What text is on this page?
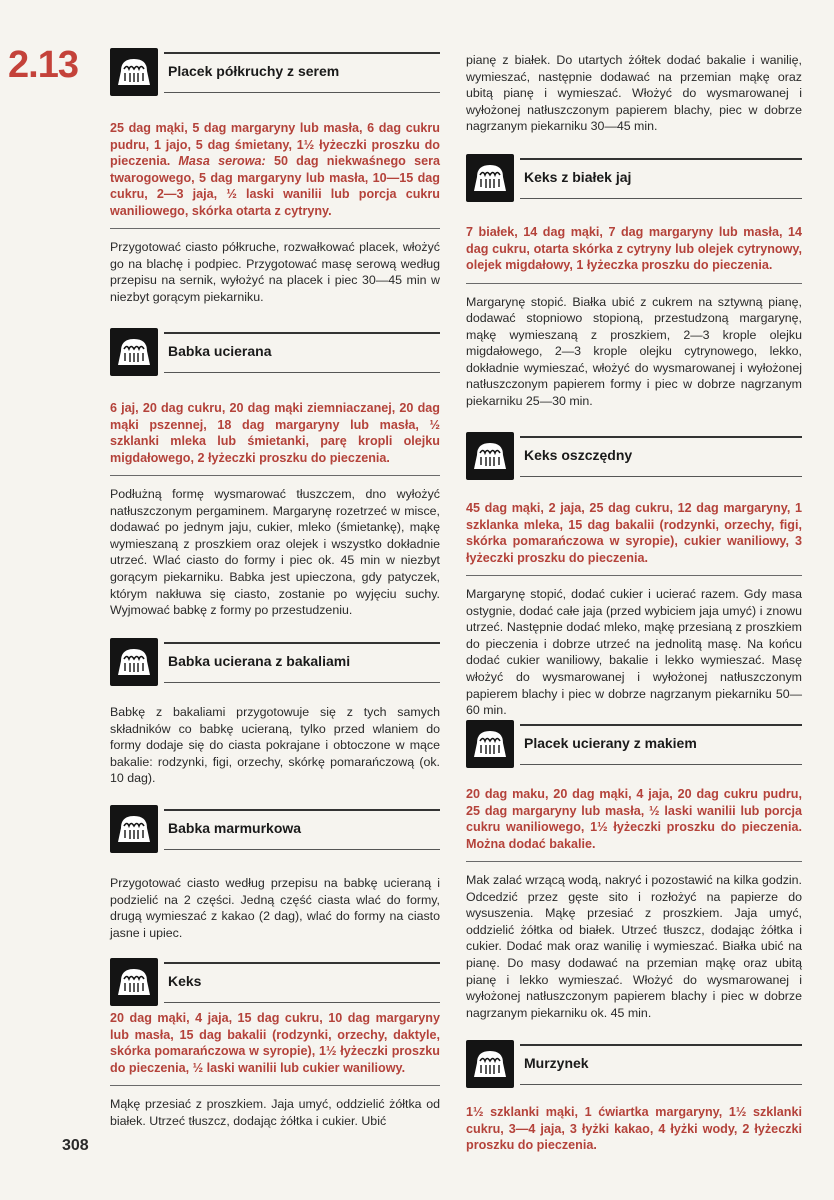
2.13
308
Placek półkruchy z serem

25 dag mąki, 5 dag margaryny lub masła, 6 dag cukru pudru, 1 jajo, 5 dag śmietany, 1½ łyżeczki proszku do pieczenia. Masa serowa: 50 dag niekwaśnego sera twarogowego, 5 dag margaryny lub masła, 10—15 dag cukru, 2—3 jaja, ½ laski wanilii lub porcja cukru waniliowego, skórka otarta z cytryny.

Przygotować ciasto półkruche, rozwałkować placek, włożyć go na blachę i podpiec. Przygotować masę serową według przepisu na sernik, wyłożyć na placek i piec 30—45 min w niezbyt gorącym piekarniku.

Babka ucierana

6 jaj, 20 dag cukru, 20 dag mąki ziemniaczanej, 20 dag mąki pszennej, 18 dag margaryny lub masła, ½ szklanki mleka lub śmietanki, parę kropli olejku migdałowego, 2 łyżeczki proszku do pieczenia.

Podłużną formę wysmarować tłuszczem, dno wyłożyć natłuszczonym pergaminem. Margarynę rozetrzeć w misce, dodawać po jednym jaju, cukier, mleko (śmietankę), mąkę wymieszaną z proszkiem oraz olejek i wszystko dokładnie utrzeć. Wlać ciasto do formy i piec ok. 45 min w niezbyt gorącym piekarniku. Babka jest upieczona, gdy patyczek, którym nakłuwa się ciasto, zostanie po wyjęciu suchy. Wyjmować babkę z formy po przestudzeniu.

Babka ucierana z bakaliami

Babkę z bakaliami przygotowuje się z tych samych składników co babkę ucieraną, tylko przed wlaniem do formy dodaje się do ciasta pokrajane i obtoczone w mące bakalie: rodzynki, figi, orzechy, skórkę pomarańczową (ok. 10 dag).

Babka marmurkowa

Przygotować ciasto według przepisu na babkę ucieraną i podzielić na 2 części. Jedną część ciasta wlać do formy, drugą wymieszać z kakao (2 dag), wlać do formy na ciasto jasne i upiec.

Keks

20 dag mąki, 4 jaja, 15 dag cukru, 10 dag margaryny lub masła, 15 dag bakalii (rodzynki, orzechy, daktyle, skórka pomarańczowa w syropie), 1½ łyżeczki proszku do pieczenia, ½ laski wanilii lub cukier waniliowy.

Mąkę przesiać z proszkiem. Jaja umyć, oddzielić żółtka od białek. Utrzeć tłuszcz, dodając żółtka i cukier. Ubić

pianę z białek. Do utartych żółtek dodać bakalie i wanilię, wymieszać, następnie dodawać na przemian mąkę oraz ubitą pianę i wymieszać. Włożyć do wysmarowanej i wyłożonej natłuszczonym papierem blachy, piec w dobrze nagrzanym piekarniku 30—45 min.

Keks z białek jaj

7 białek, 14 dag mąki, 7 dag margaryny lub masła, 14 dag cukru, otarta skórka z cytryny lub olejek cytrynowy, olejek migdałowy, 1 łyżeczka proszku do pieczenia.

Margarynę stopić. Białka ubić z cukrem na sztywną pianę, dodawać stopniowo stopioną, przestudzoną margarynę, mąkę wymieszaną z proszkiem, 2—3 krople olejku migdałowego, 2—3 krople olejku cytrynowego, lekko, dokładnie wymieszać, włożyć do wysmarowanej i wyłożonej natłuszczonym papierem formy i piec w dobrze nagrzanym piekarniku 25—30 min.

Keks oszczędny

45 dag mąki, 2 jaja, 25 dag cukru, 12 dag margaryny, 1 szklanka mleka, 15 dag bakalii (rodzynki, orzechy, figi, skórka pomarańczowa w syropie), cukier waniliowy, 3 łyżeczki proszku do pieczenia.

Margarynę stopić, dodać cukier i ucierać razem. Gdy masa ostygnie, dodać całe jaja (przed wybiciem jaja umyć) i znowu utrzeć. Następnie dodać mleko, mąkę przesianą z proszkiem do pieczenia i dobrze utrzeć na jednolitą masę. Na końcu dodać cukier waniliowy, bakalie i lekko wymieszać. Masę włożyć do wysmarowanej i wyłożonej natłuszczonym papierem blachy i piec w dobrze nagrzanym piekarniku 50—60 min.

Placek ucierany z makiem

20 dag maku, 20 dag mąki, 4 jaja, 20 dag cukru pudru, 25 dag margaryny lub masła, ½ laski wanilii lub porcja cukru waniliowego, 1½ łyżeczki proszku do pieczenia. Można dodać bakalie.

Mak zalać wrzącą wodą, nakryć i pozostawić na kilka godzin. Odcedzić przez gęste sito i rozłożyć na papierze do wysuszenia. Mąkę przesiać z proszkiem. Jaja umyć, oddzielić żółtka od białek. Utrzeć tłuszcz, dodając żółtka i cukier. Dodać mak oraz wanilię i wymieszać. Białka ubić na pianę. Do masy dodawać na przemian mąkę oraz ubitą pianę i lekko wymieszać. Włożyć do wysmarowanej i wyłożonej natłuszczonym papierem blachy i piec w dobrze nagrzanym piekarniku ok. 45 min.

Murzynek

1½ szklanki mąki, 1 ćwiartka margaryny, 1½ szklanki cukru, 3—4 jaja, 3 łyżki kakao, 4 łyżki wody, 2 łyżeczki proszku do pieczenia.
